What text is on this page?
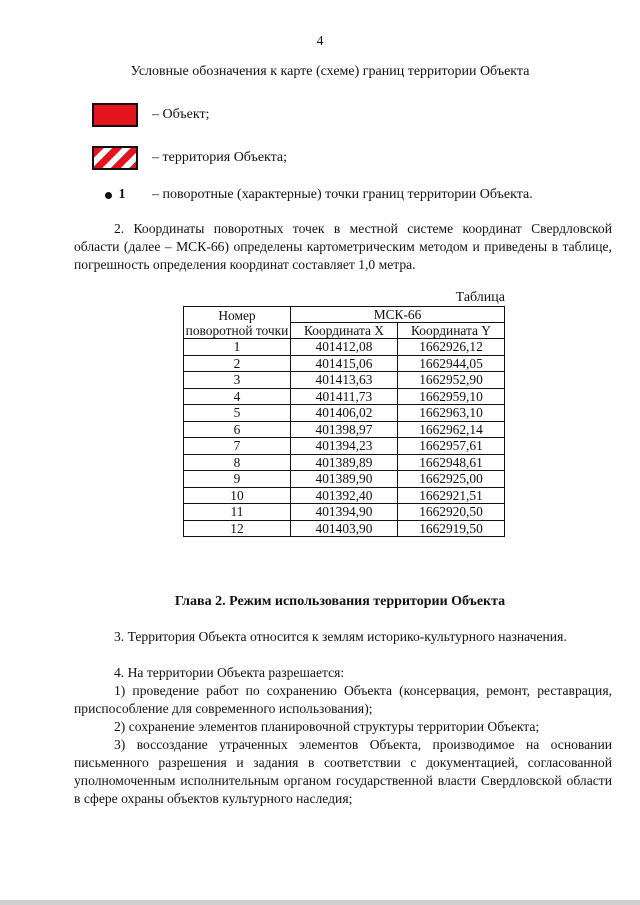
4
Условные обозначения к карте (схеме) границ территории Объекта
– Объект;
– территория Объекта;
1 – поворотные (характерные) точки границ территории Объекта.
2. Координаты поворотных точек в местной системе координат Свердловской области (далее – МСК-66) определены картометрическим методом и приведены в таблице, погрешность определения координат составляет 1,0 метра.
Таблица
Номер поворотной точки	МСК-66	
	Координата X	Координата Y
1	401412,08	1662926,12
2	401415,06	1662944,05
3	401413,63	1662952,90
4	401411,73	1662959,10
5	401406,02	1662963,10
6	401398,97	1662962,14
7	401394,23	1662957,61
8	401389,89	1662948,61
9	401389,90	1662925,00
10	401392,40	1662921,51
11	401394,90	1662920,50
12	401403,90	1662919,50
Глава 2. Режим использования территории Объекта
3. Территория Объекта относится к землям историко-культурного назначения.
4. На территории Объекта разрешается:
1) проведение работ по сохранению Объекта (консервация, ремонт, реставрация, приспособление для современного использования);
2) сохранение элементов планировочной структуры территории Объекта;
3) воссоздание утраченных элементов Объекта, производимое на основании письменного разрешения и задания в соответствии с документацией, согласованной уполномоченным исполнительным органом государственной власти Свердловской области в сфере охраны объектов культурного наследия;
